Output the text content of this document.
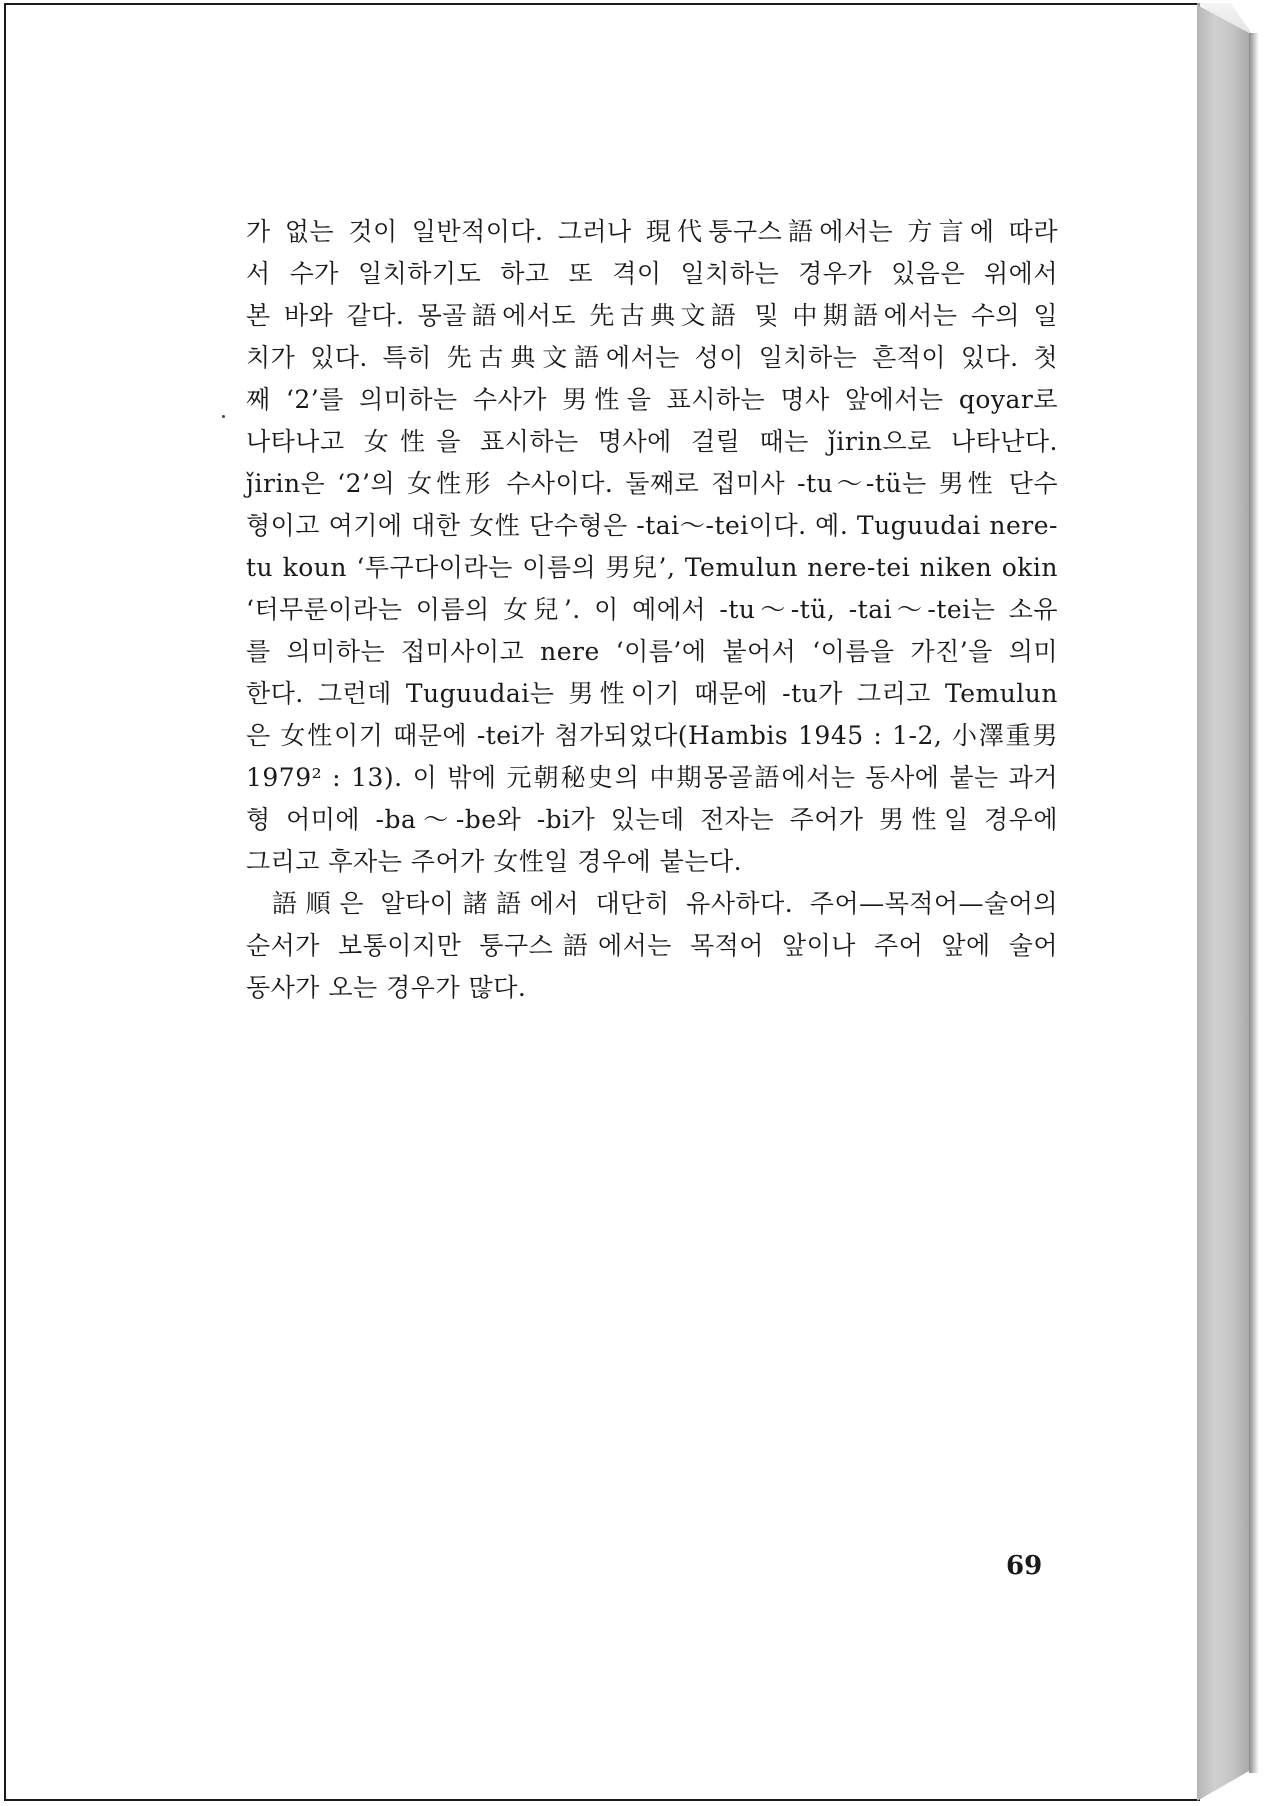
가 없는 것이 일반적이다. 그러나 現代퉁구스語에서는 方言에 따라
서 수가 일치하기도 하고 또 격이 일치하는 경우가 있음은 위에서
본 바와 같다. 몽골語에서도 先古典文語 및 中期語에서는 수의 일
치가 있다. 특히 先古典文語에서는 성이 일치하는 흔적이 있다. 첫
째 ‘2’를 의미하는 수사가 男性을 표시하는 명사 앞에서는 qoyar로
나타나고 女性을 표시하는 명사에 걸릴 때는 ǰirin으로 나타난다.
ǰirin은 ‘2’의 女性形 수사이다. 둘째로 접미사 -tu～-tü는 男性 단수
형이고 여기에 대한 女性 단수형은 -tai～-tei이다. 예. Tuguudai nere-
tu koun ‘투구다이라는 이름의 男兒’, Temulun nere-tei niken okin
‘터무룬이라는 이름의 女兒’. 이 예에서 -tu～-tü, -tai～-tei는 소유
를 의미하는 접미사이고 nere ‘이름’에 붙어서 ‘이름을 가진’을 의미
한다. 그런데 Tuguudai는 男性이기 때문에 -tu가 그리고 Temulun
은 女性이기 때문에 -tei가 첨가되었다(Hambis 1945 : 1-2, 小澤重男
1979² : 13). 이 밖에 元朝秘史의 中期몽골語에서는 동사에 붙는 과거
형 어미에 -ba～-be와 -bi가 있는데 전자는 주어가 男性일 경우에
그리고 후자는 주어가 女性일 경우에 붙는다.
語順은 알타이諸語에서 대단히 유사하다. 주어—목적어—술어의
순서가 보통이지만 퉁구스語에서는 목적어 앞이나 주어 앞에 술어
동사가 오는 경우가 많다.
69
